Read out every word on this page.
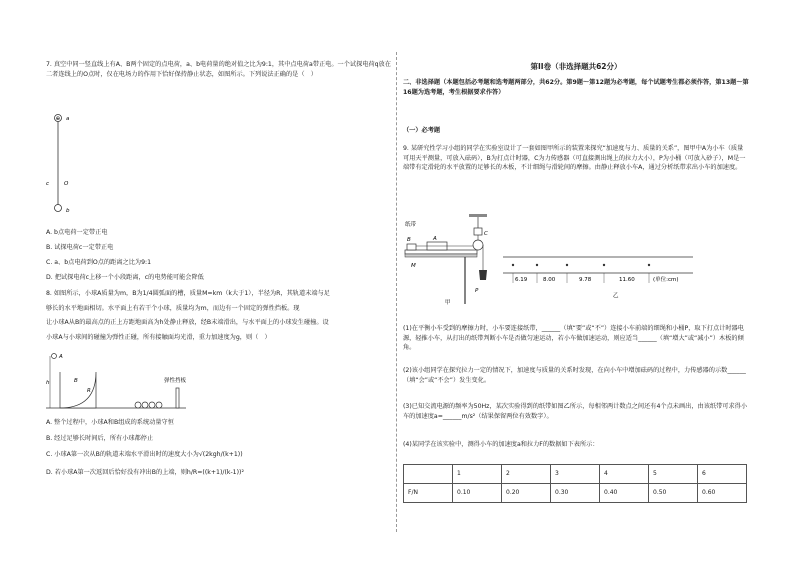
7. 真空中同一竖直线上有A、B两个固定的点电荷，a、b电荷量的绝对值之比为9:1，其中点电荷a带正电。一个试探电荷q放在二者连线上的O点时，仅在电场力的作用下恰好保持静止状态，如图所示。下列说法正确的是（　）

⊕ a
c	O
b

A. b点电荷一定带正电

B. 试探电荷c一定带正电

C. a、b点电荷到O点的距离之比为9:1

D. 把试探电荷c上移一个小段距离，c的电势能可能会降低

8. 如图所示，小球A质量为m，B为1/4圆弧面的槽，质量M=km（k大于1），半径为R，其轨道末端与足

够长的水平地面相切。水平面上有若干个小球，质量均为m，而边有一个固定的弹性挡板。现

让小球A从B的最高点的正上方距地面高为h处静止释放，经B末端滑出，与水平面上的小球发生碰撞。设

小球A与小球间的碰撞为弹性正碰，所有接触面均光滑，重力加速度为g，则（　）

A
h
R
B	弹性挡板

A. 整个过程中，小球A和B组成的系统动量守恒

B. 经过足够长时间后，所有小球都停止

C. 小球A第一次从B的轨道末端水平滑出时的速度大小为√(2kgh/(k+1))

D. 若小球A第一次返回后恰好没有冲出B的上端，则h/R=((k+1)/(k-1))²

第II卷（非选择题共62分）

二、非选择题（本题包括必考题和选考题两部分，共62分。第9题～第12题为必考题，每个试题考生都必须作答，第13题～第16题为选考题，考生根据要求作答）

（一）必考题

9. 某研究性学习小组的同学在实验室设计了一套如图甲所示的装置来探究“加速度与力、质量的关系”，图甲中A为小车（质量可用天平测量，可放入砝码），B为打点计时器，C为力传感器（可直接测出绳上的拉力大小），P为小桶（可放入砂子），M是一端带有定滑轮的水平放置的足够长的木板，不计细绳与滑轮间的摩擦。由静止释放小车A，通过分析纸带求出小车的加速度。

C
P
纸带
B	A
M
甲
6.19	8.00	9.78	11.60	(单位:cm)
乙

(1)在平衡小车受到的摩擦力时，小车要连接纸带，______（填“要”或“不”）连接小车前端的细绳和小桶P，取下打点计时器电源，轻推小车，从打出的纸带判断小车是否做匀速运动，若小车做加速运动，则应适当______（填“增大”或“减小”）木板的倾角。

(2)该小组同学在探究拉力一定的情况下，加速度与质量的关系时发现，在向小车中增加砝码的过程中，力传感器的示数______（填“会”或“不会”）发生变化。

(3)已知交流电源的频率为50Hz，某次实验得到的纸带如图乙所示，每相邻两计数点之间还有4个点未画出，由该纸带可求得小车的加速度a=______m/s²（结果保留两位有效数字）。

(4)某同学在该实验中，测得小车的加速度a和拉力F的数据如下表所示：

	1	2	3	4	5	6
F/N	0.10	0.20	0.30	0.40	0.50	0.60
